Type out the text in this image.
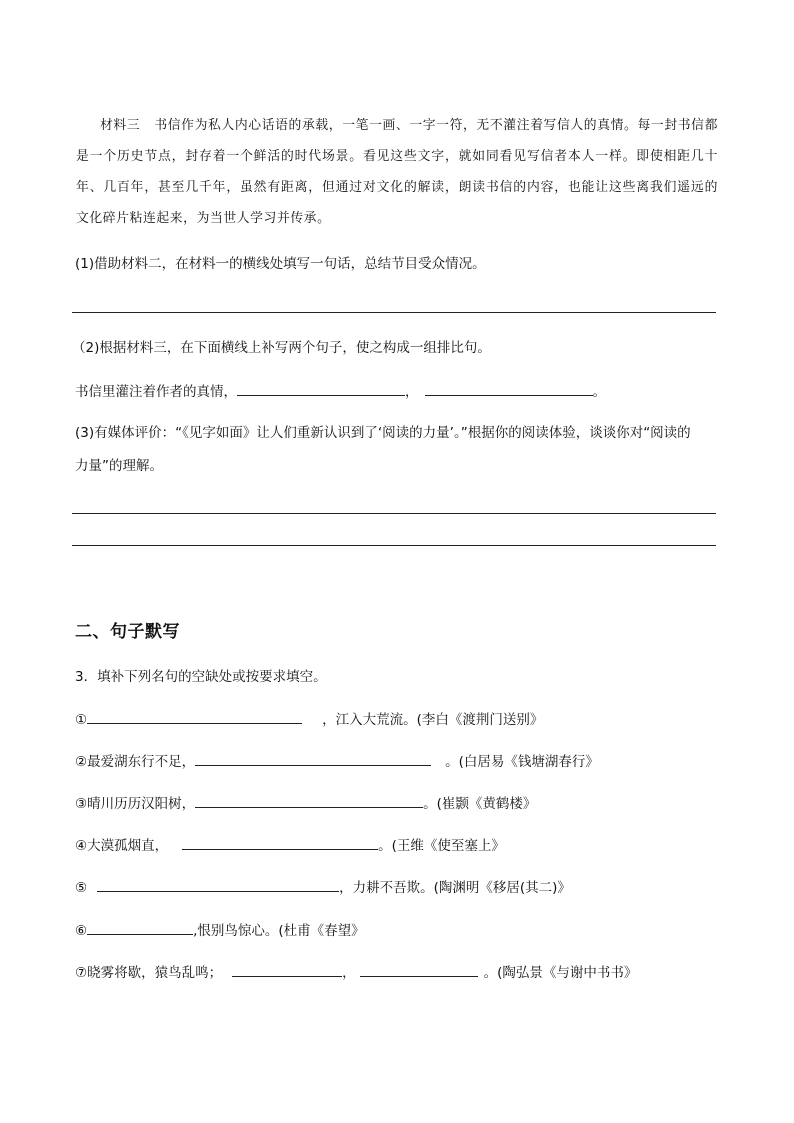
材料三 书信作为私人内心话语的承载，一笔一画、一字一符，无不灌注着写信人的真情。每一封书信都是一个历史节点，封存着一个鲜活的时代场景。看见这些文字，就如同看见写信者本人一样。即使相距几十年、几百年，甚至几千年，虽然有距离，但通过对文化的解读，朗读书信的内容，也能让这些离我们遥远的文化碎片粘连起来，为当世人学习并传承。
(1)借助材料二，在材料一的横线处填写一句话，总结节目受众情况。
（2)根据材料三，在下面横线上补写两个句子，使之构成一组排比句。
书信里灌注着作者的真情，	，	。
(3)有媒体评价：“《见字如面》让人们重新认识到了‘阅读的力量’。”根据你的阅读体验，谈谈你对“阅读的
力量”的理解。
二、句子默写
3．填补下列名句的空缺处或按要求填空。
①	，江入大荒流。(李白《渡荆门送别》
②最爱湖东行不足，	。(白居易《钱塘湖春行》
③晴川历历汉阳树，	。(崔颢《黄鹤楼》
④大漠孤烟直，	。(王维《使至塞上》
⑤	，力耕不吾欺。(陶渊明《移居(其二)》
⑥	,恨别鸟惊心。(杜甫《春望》
⑦晓雾将歇，猿鸟乱鸣；	，	。(陶弘景《与谢中书书》
